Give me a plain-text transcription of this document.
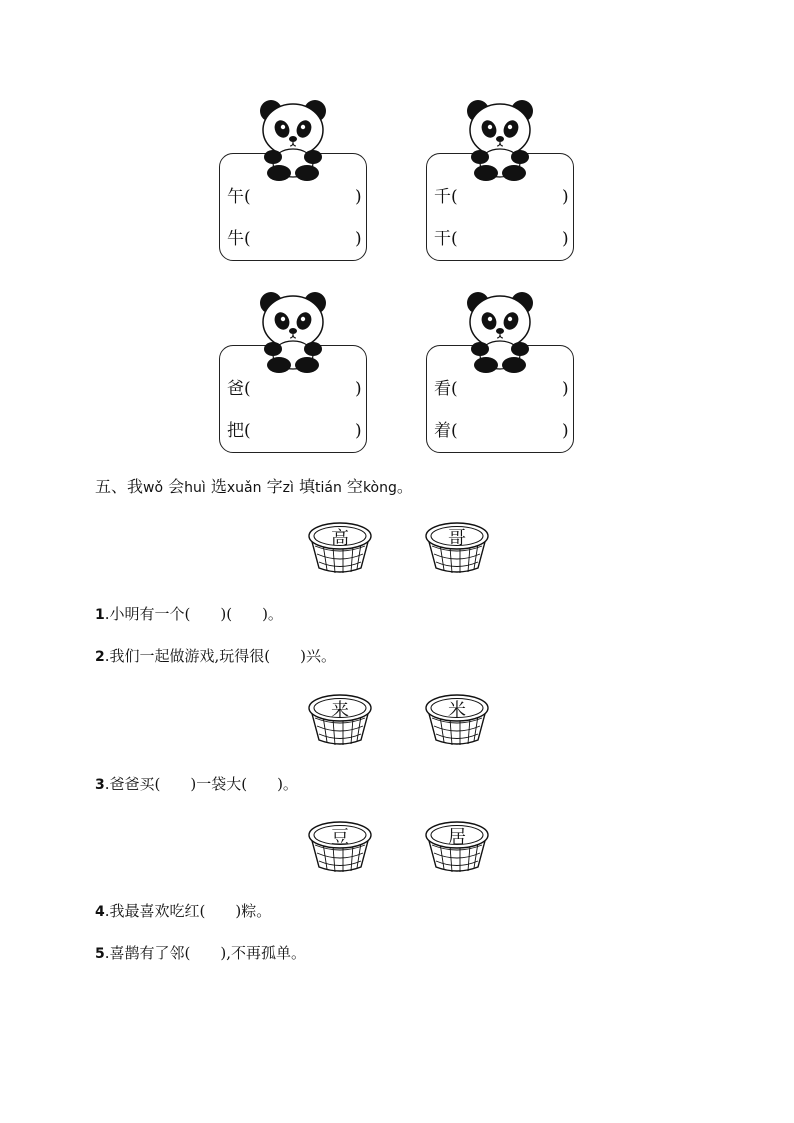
午(	)
牛(	)
千(	)
干(	)
爸(	)
把(	)
看(	)
着(	)
五、我wǒ 会huì 选xuǎn 字zì 填tián 空kòng。
高	哥
1.小明有一个(　　)(　　)。
2.我们一起做游戏,玩得很(　　)兴。
来	米
3.爸爸买(　　)一袋大(　　)。
豆	居
4.我最喜欢吃红(　　)粽。
5.喜鹊有了邻(　　),不再孤单。
